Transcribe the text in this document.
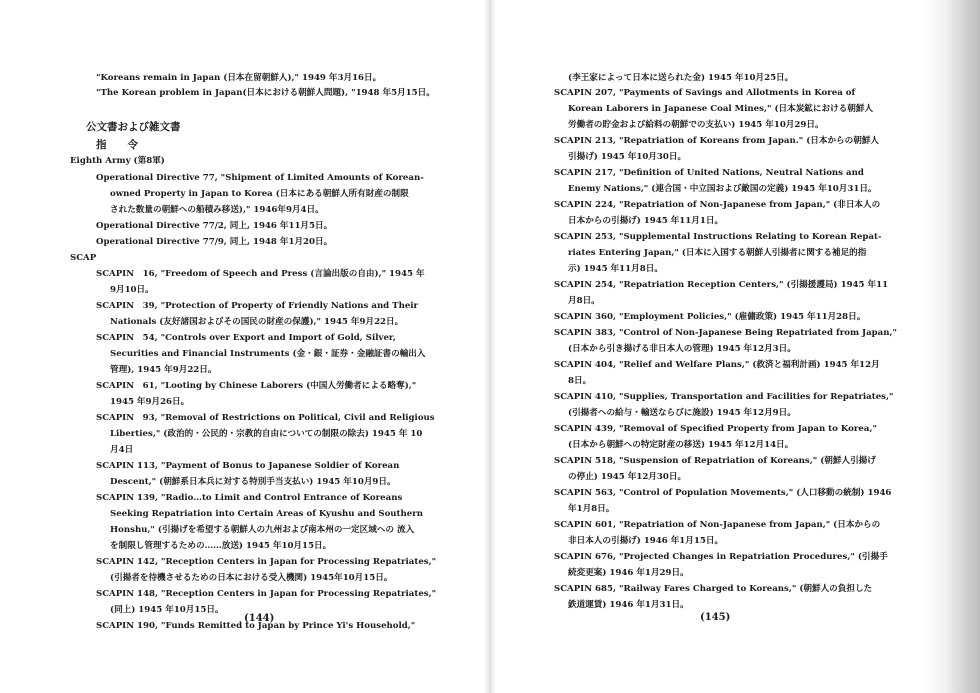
"Koreans remain in Japan (日本在留朝鮮人)," 1949 年3月16日。
"The Korean problem in Japan(日本における朝鮮人問題), "1948 年5月15日。
公文書および雑文書
指　　令
Eighth Army (第8軍)
Operational Directive 77, "Shipment of Limited Amounts of Korean-
owned Property in Japan to Korea (日本にある朝鮮人所有財産の制限
された数量の朝鮮への船積み移送)," 1946年9月4日。
Operational Directive 77/2, 同上, 1946 年11月5日。
Operational Directive 77/9, 同上, 1948 年1月20日。
SCAP
SCAPIN　16, "Freedom of Speech and Press (言論出版の自由)," 1945 年
9月10日。
SCAPIN　39, "Protection of Property of Friendly Nations and Their
Nationals (友好諸国およびその国民の財産の保護)," 1945 年9月22日。
SCAPIN　54, "Controls over Export and Import of Gold, Silver,
Securities and Financial Instruments (金・銀・証券・金融証書の輸出入
管理), 1945 年9月22日。
SCAPIN　61, "Looting by Chinese Laborers (中国人労働者による略奪),"
1945 年9月26日。
SCAPIN　93, "Removal of Restrictions on Political, Civil and Religious
Liberties," (政治的・公民的・宗教的自由についての制限の除去) 1945 年 10
月4日
SCAPIN 113, "Payment of Bonus to Japanese Soldier of Korean
Descent," (朝鮮系日本兵に対する特別手当支払い) 1945 年10月9日。
SCAPIN 139, "Radio…to Limit and Control Entrance of Koreans
Seeking Repatriation into Certain Areas of Kyushu and Southern
Honshu," (引揚げを希望する朝鮮人の九州および南本州の一定区域への 流入
を制限し管理するための……放送) 1945 年10月15日。
SCAPIN 142, "Reception Centers in Japan for Processing Repatriates,"
(引揚者を待機させるための日本における受入機関) 1945年10月15日。
SCAPIN 148, "Reception Centers in Japan for Processing Repatriates,"
(同上) 1945 年10月15日。
SCAPIN 190, "Funds Remitted to Japan by Prince Yi's Household,"
(144)
(李王家によって日本に送られた金) 1945 年10月25日。
SCAPIN 207, "Payments of Savings and Allotments in Korea of
Korean Laborers in Japanese Coal Mines," (日本炭鉱における朝鮮人
労働者の貯金および給料の朝鮮での支払い) 1945 年10月29日。
SCAPIN 213, "Repatriation of Koreans from Japan." (日本からの朝鮮人
引揚げ) 1945 年10月30日。
SCAPIN 217, "Definition of United Nations, Neutral Nations and
Enemy Nations," (連合国・中立国および敵国の定義) 1945 年10月31日。
SCAPIN 224, "Repatriation of Non-Japanese from Japan," (非日本人の
日本からの引揚げ) 1945 年11月1日。
SCAPIN 253, "Supplemental Instructions Relating to Korean Repat-
riates Entering Japan," (日本に入国する朝鮮人引揚者に関する補足的指
示) 1945 年11月8日。
SCAPIN 254, "Repatriation Reception Centers," (引揚援護局) 1945 年11
月8日。
SCAPIN 360, "Employment Policies," (雇傭政策) 1945 年11月28日。
SCAPIN 383, "Control of Non-Japanese Being Repatriated from Japan,"
(日本から引き揚げる非日本人の管理) 1945 年12月3日。
SCAPIN 404, "Relief and Welfare Plans," (救済と福利計画) 1945 年12月
8日。
SCAPIN 410, "Supplies, Transportation and Facilities for Repatriates,"
(引揚者への給与・輸送ならびに施設) 1945 年12月9日。
SCAPIN 439, "Removal of Specified Property from Japan to Korea,"
(日本から朝鮮への特定財産の移送) 1945 年12月14日。
SCAPIN 518, "Suspension of Repatriation of Koreans," (朝鮮人引揚げ
の停止) 1945 年12月30日。
SCAPIN 563, "Control of Population Movements," (人口移動の統制) 1946
年1月8日。
SCAPIN 601, "Repatriation of Non-Japanese from Japan," (日本からの
非日本人の引揚げ) 1946 年1月15日。
SCAPIN 676, "Projected Changes in Repatriation Procedures," (引揚手
続変更案) 1946 年1月29日。
SCAPIN 685, "Railway Fares Charged to Koreans," (朝鮮人の負担した
鉄道運賃) 1946 年1月31日。
(145)
